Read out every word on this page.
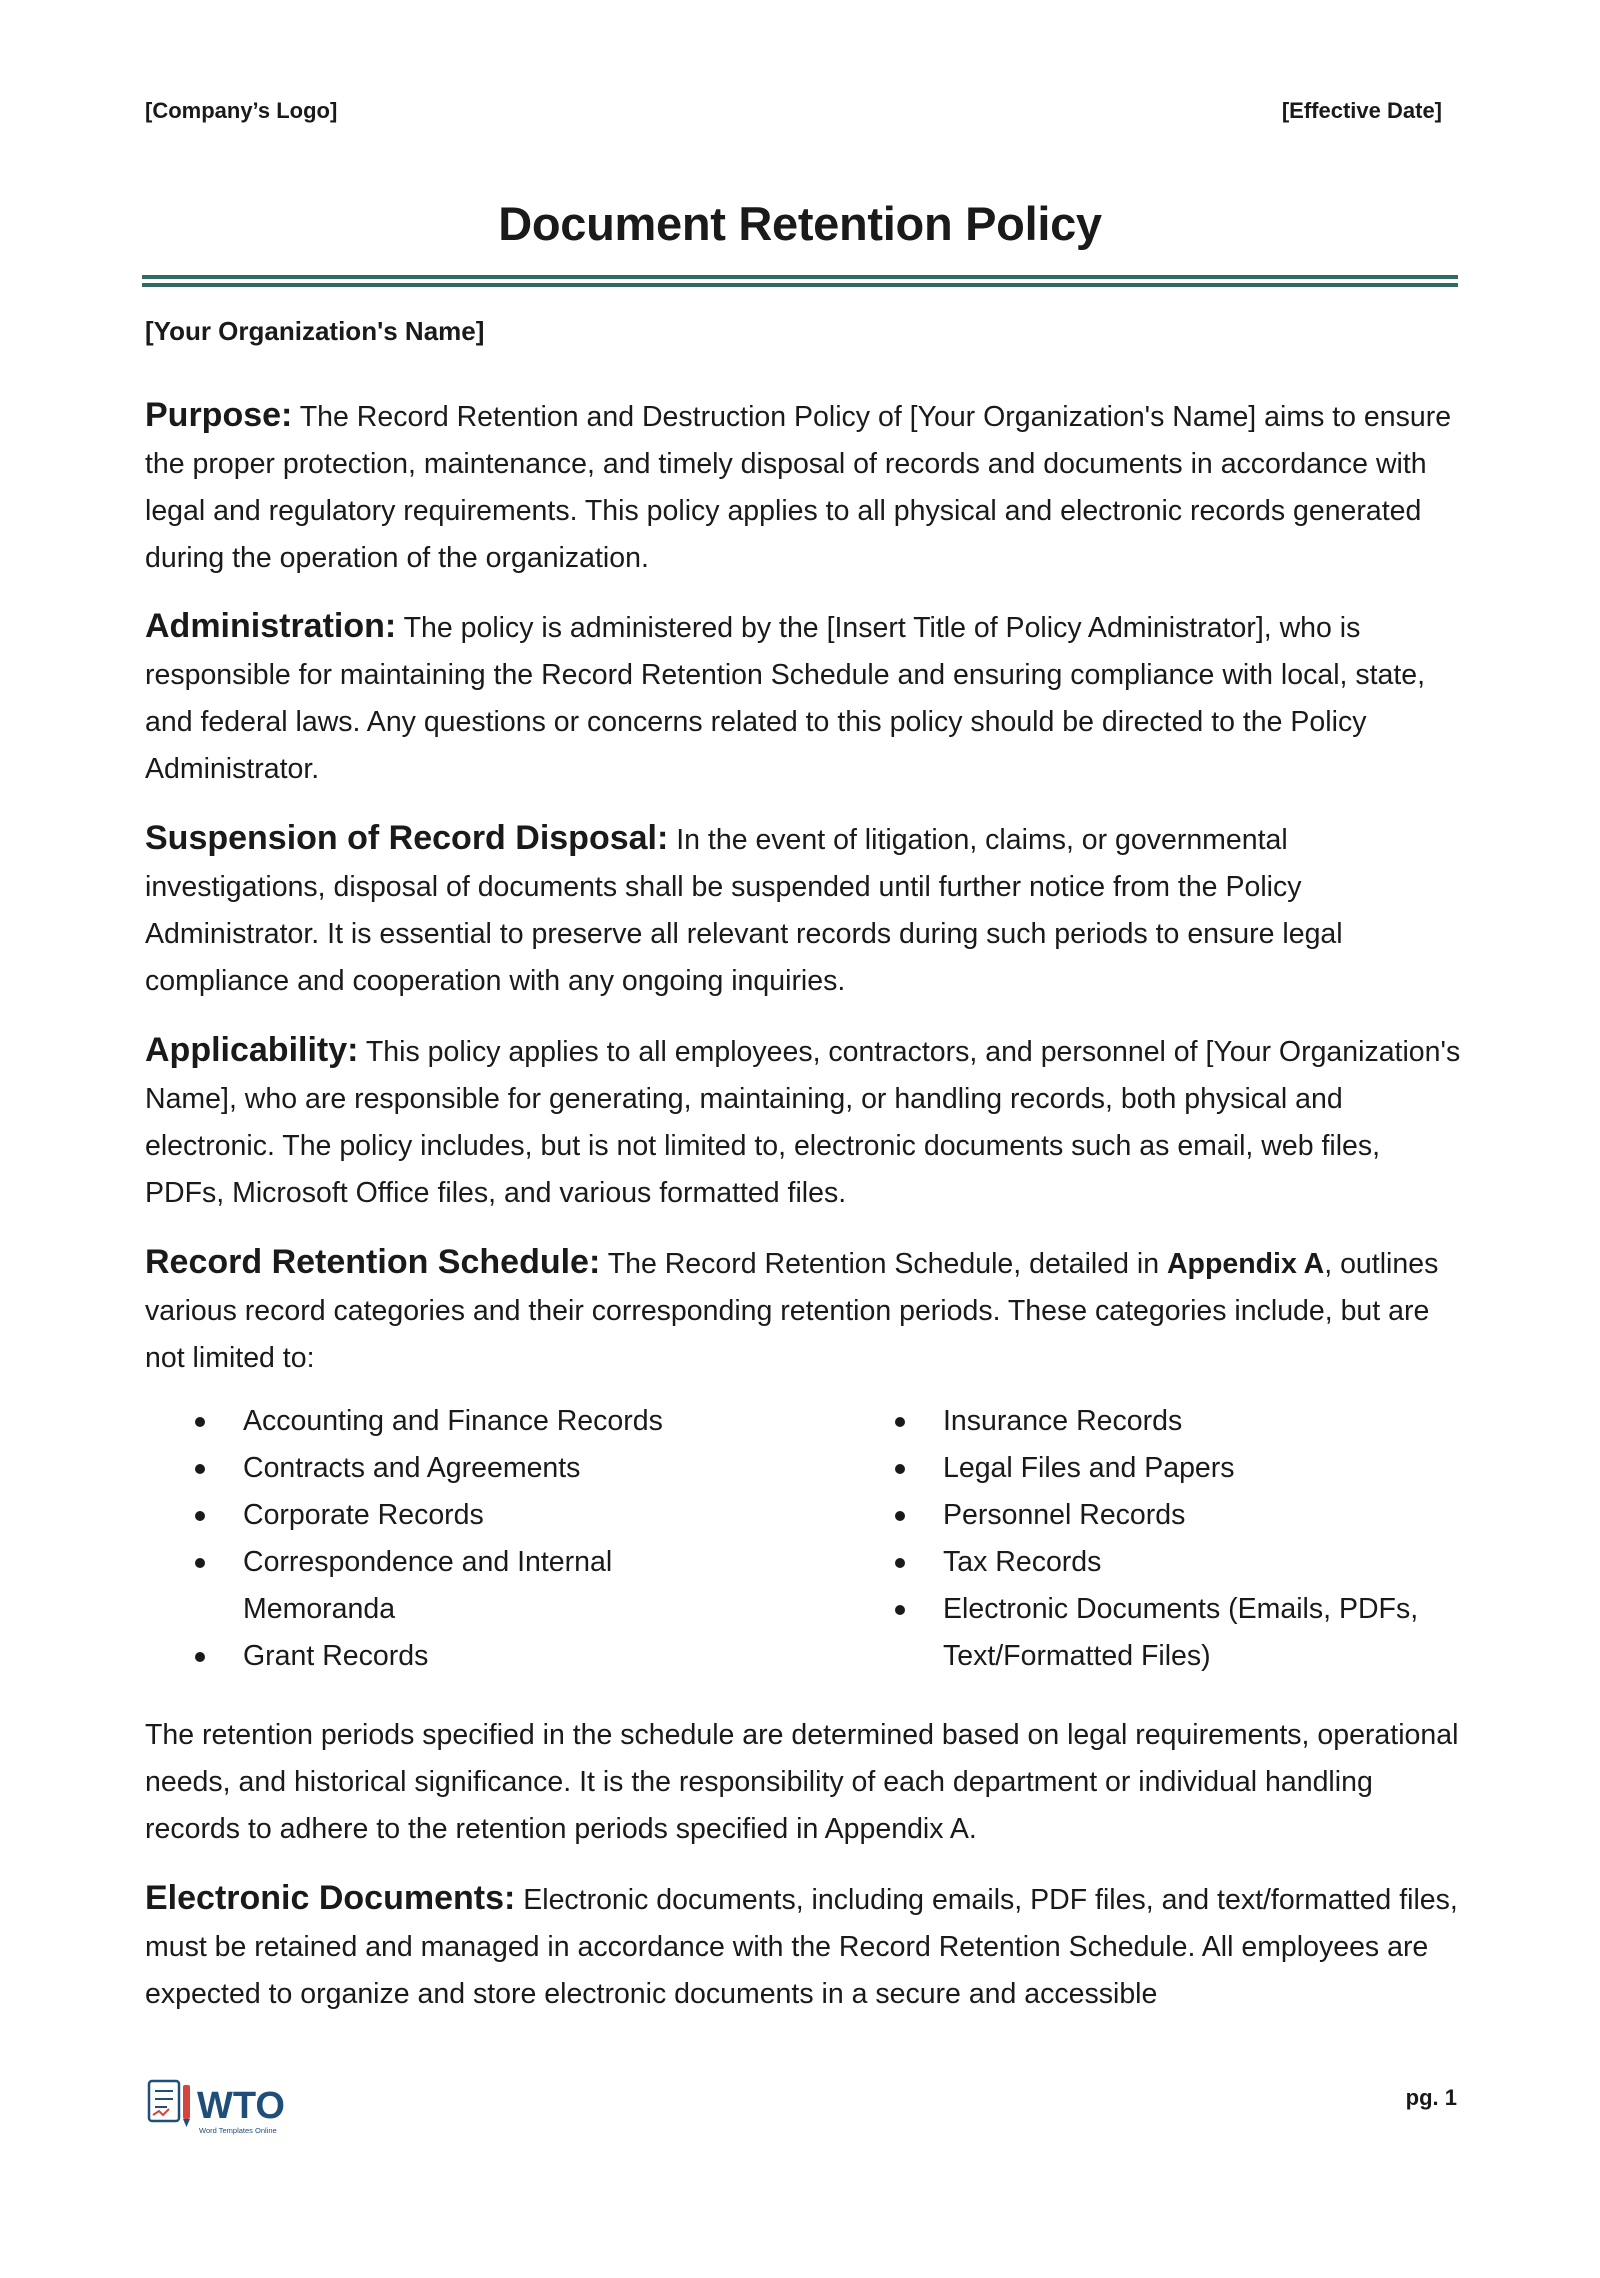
[Company’s Logo]	[Effective Date]
Document Retention Policy
[Your Organization's Name]

Purpose: The Record Retention and Destruction Policy of [Your Organization's Name] aims to ensure the proper protection, maintenance, and timely disposal of records and documents in accordance with legal and regulatory requirements. This policy applies to all physical and electronic records generated during the operation of the organization.

Administration: The policy is administered by the [Insert Title of Policy Administrator], who is responsible for maintaining the Record Retention Schedule and ensuring compliance with local, state, and federal laws. Any questions or concerns related to this policy should be directed to the Policy Administrator.

Suspension of Record Disposal: In the event of litigation, claims, or governmental investigations, disposal of documents shall be suspended until further notice from the Policy Administrator. It is essential to preserve all relevant records during such periods to ensure legal compliance and cooperation with any ongoing inquiries.

Applicability: This policy applies to all employees, contractors, and personnel of [Your Organization's Name], who are responsible for generating, maintaining, or handling records, both physical and electronic. The policy includes, but is not limited to, electronic documents such as email, web files, PDFs, Microsoft Office files, and various formatted files.

Record Retention Schedule: The Record Retention Schedule, detailed in Appendix A, outlines various record categories and their corresponding retention periods. These categories include, but are not limited to:

Accounting and Finance Records
Contracts and Agreements
Corporate Records
Correspondence and Internal Memoranda
Grant Records
Insurance Records
Legal Files and Papers
Personnel Records
Tax Records
Electronic Documents (Emails, PDFs, Text/Formatted Files)

The retention periods specified in the schedule are determined based on legal requirements, operational needs, and historical significance. It is the responsibility of each department or individual handling records to adhere to the retention periods specified in Appendix A.

Electronic Documents: Electronic documents, including emails, PDF files, and text/formatted files, must be retained and managed in accordance with the Record Retention Schedule. All employees are expected to organize and store electronic documents in a secure and accessible

WTO
Word Templates Online
pg. 1
